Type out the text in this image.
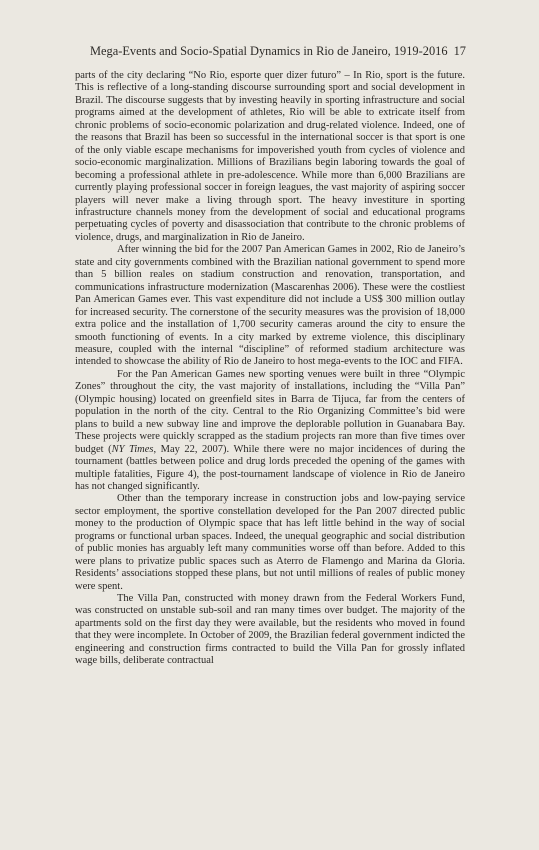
Mega-Events and Socio-Spatial Dynamics in Rio de Janeiro, 1919-2016 17

parts of the city declaring “No Rio, esporte quer dizer futuro” – In Rio, sport is the future. This is reflective of a long-standing discourse surrounding sport and social development in Brazil. The discourse suggests that by investing heavily in sporting infrastructure and social programs aimed at the development of athletes, Rio will be able to extricate itself from chronic problems of socio-economic polarization and drug-related violence. Indeed, one of the reasons that Brazil has been so successful in the international soccer is that sport is one of the only viable escape mechanisms for impoverished youth from cycles of violence and socio-economic marginalization. Millions of Brazilians begin laboring towards the goal of becoming a professional athlete in pre-adolescence. While more than 6,000 Brazilians are currently playing professional soccer in foreign leagues, the vast majority of aspiring soccer players will never make a living through sport. The heavy investiture in sporting infrastructure channels money from the development of social and educational programs perpetuating cycles of poverty and disassociation that contribute to the chronic problems of violence, drugs, and marginalization in Rio de Janeiro.

After winning the bid for the 2007 Pan American Games in 2002, Rio de Janeiro’s state and city governments combined with the Brazilian national government to spend more than 5 billion reales on stadium construction and renovation, transportation, and communications infrastructure modernization (Mascarenhas 2006). These were the costliest Pan American Games ever. This vast expenditure did not include a US$ 300 million outlay for increased security. The cornerstone of the security measures was the provision of 18,000 extra police and the installation of 1,700 security cameras around the city to ensure the smooth functioning of events. In a city marked by extreme violence, this disciplinary measure, coupled with the internal “discipline” of reformed stadium architecture was intended to showcase the ability of Rio de Janeiro to host mega-events to the IOC and FIFA.

For the Pan American Games new sporting venues were built in three “Olympic Zones” throughout the city, the vast majority of installations, including the “Villa Pan” (Olympic housing) located on greenfield sites in Barra de Tijuca, far from the centers of population in the north of the city. Central to the Rio Organizing Committee’s bid were plans to build a new subway line and improve the deplorable pollution in Guanabara Bay. These projects were quickly scrapped as the stadium projects ran more than five times over budget (NY Times, May 22, 2007). While there were no major incidences of during the tournament (battles between police and drug lords preceded the opening of the games with multiple fatalities, Figure 4), the post-tournament landscape of violence in Rio de Janeiro has not changed significantly.

Other than the temporary increase in construction jobs and low-paying service sector employment, the sportive constellation developed for the Pan 2007 directed public money to the production of Olympic space that has left little behind in the way of social programs or functional urban spaces. Indeed, the unequal geographic and social distribution of public monies has arguably left many communities worse off than before. Added to this were plans to privatize public spaces such as Aterro de Flamengo and Marina da Gloria. Residents’ associations stopped these plans, but not until millions of reales of public money were spent.

The Villa Pan, constructed with money drawn from the Federal Workers Fund, was constructed on unstable sub-soil and ran many times over budget. The majority of the apartments sold on the first day they were available, but the residents who moved in found that they were incomplete. In October of 2009, the Brazilian federal government indicted the engineering and construction firms contracted to build the Villa Pan for grossly inflated wage bills, deliberate contractual
